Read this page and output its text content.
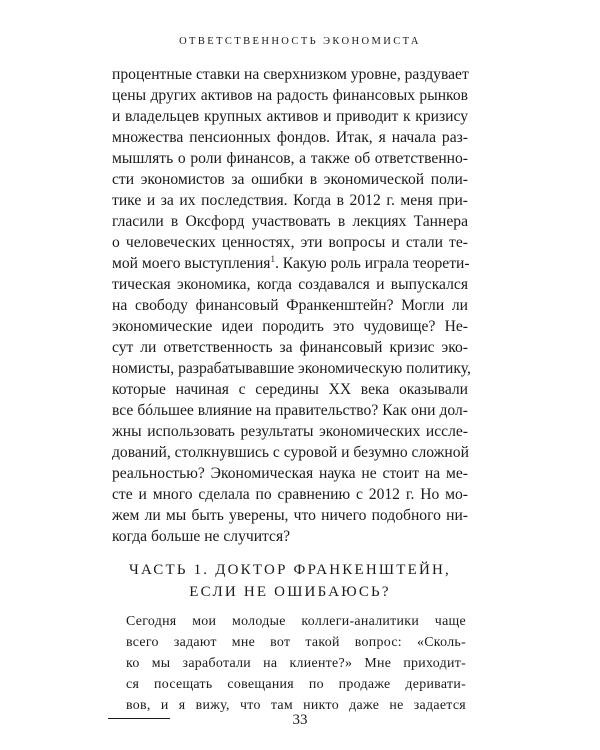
ОТВЕТСТВЕННОСТЬ ЭКОНОМИСТА

процентные ставки на сверхнизком уровне, раздувает

цены других активов на радость финансовых рынков

и владельцев крупных активов и приводит к кризису

множества пенсионных фондов. Итак, я начала раз-

мышлять о роли финансов, а также об ответственно-

сти экономистов за ошибки в экономической поли-

тике и за их последствия. Когда в 2012 г. меня при-

гласили в Оксфорд участвовать в лекциях Таннера

о человеческих ценностях, эти вопросы и стали те-

мой моего выступления$^1$. Какую роль играла теорети-

тическая экономика, когда создавался и выпускался

на свободу финансовый Франкенштейн? Могли ли

экономические идеи породить это чудовище? Не-

сут ли ответственность за финансовый кризис эко-

номисты, разрабатывавшие экономическую политику,

которые начиная с середины XX века оказывали

все бóльшее влияние на правительство? Как они дол-

жны использовать результаты экономических иссле-

дований, столкнувшись с суровой и безумно сложной

реальностью? Экономическая наука не стоит на ме-

сте и много сделала по сравнению с 2012 г. Но мо-

жем ли мы быть уверены, что ничего подобного ни-

когда больше не случится?

ЧАСТЬ 1. ДОКТОР ФРАНКЕНШТЕЙН,
ЕСЛИ НЕ ОШИБАЮСЬ?

Сегодня мои молодые коллеги-аналитики чаще

всего задают мне вот такой вопрос: «Сколь-

ко мы заработали на клиенте?» Мне приходит-

ся посещать совещания по продаже деривати-

вов, и я вижу, что там никто даже не задается

33
